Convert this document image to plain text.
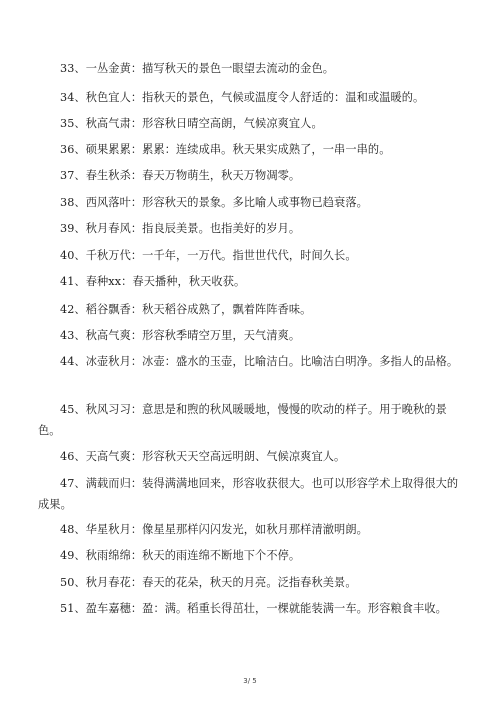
33、一丛金黄：描写秋天的景色一眼望去流动的金色。
34、秋色宜人：指秋天的景色，气候或温度令人舒适的：温和或温暖的。
35、秋高气肃：形容秋日晴空高朗，气候凉爽宜人。
36、硕果累累：累累：连续成串。秋天果实成熟了，一串一串的。
37、春生秋杀：春天万物萌生，秋天万物凋零。
38、西风落叶：形容秋天的景象。多比喻人或事物已趋衰落。
39、秋月春风：指良辰美景。也指美好的岁月。
40、千秋万代：一千年，一万代。指世世代代，时间久长。
41、春种xx：春天播种，秋天收获。
42、稻谷飘香：秋天稻谷成熟了，飘着阵阵香味。
43、秋高气爽：形容秋季晴空万里，天气清爽。
44、冰壶秋月：冰壶：盛水的玉壶，比喻洁白。比喻洁白明净。多指人的品格。
45、秋风习习：意思是和煦的秋风暖暖地，慢慢的吹动的样子。用于晚秋的景色。
46、天高气爽：形容秋天天空高远明朗、气候凉爽宜人。
47、满载而归：装得满满地回来，形容收获很大。也可以形容学术上取得很大的成果。
48、华星秋月：像星星那样闪闪发光，如秋月那样清澈明朗。
49、秋雨绵绵：秋天的雨连绵不断地下个不停。
50、秋月春花：春天的花朵，秋天的月亮。泛指春秋美景。
51、盈车嘉穗：盈：满。稻重长得茁壮，一棵就能装满一车。形容粮食丰收。
3/ 5
